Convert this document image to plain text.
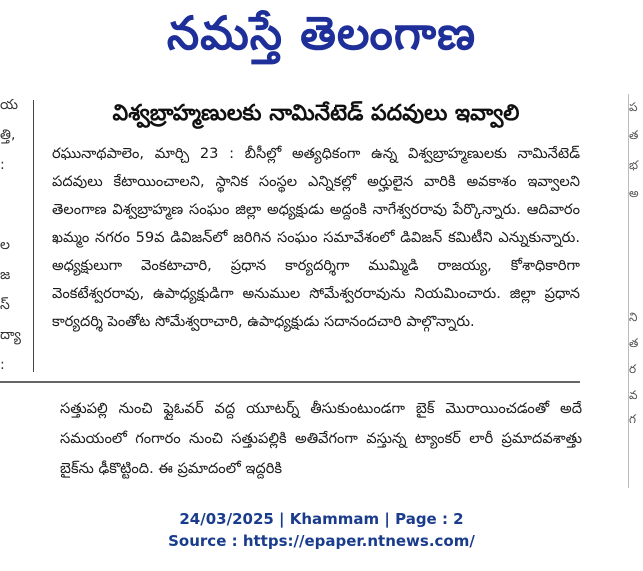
నమస్తే తెలంగాణ
య
త్తి,
:
ల
జ
స్
ద్యా
:
విశ్వబ్రాహ్మణులకు నామినేటెడ్ పదవులు ఇవ్వాలి

రఘునాథపాలెం, మార్చి 23 : బీసీల్లో అత్యధికంగా ఉన్న విశ్వబ్రాహ్మణులకు నామినేటెడ్ పదవులు కేటాయించాలని, స్థానిక సంస్థల ఎన్నికల్లో అర్హులైన వారికి అవకాశం ఇవ్వాలని తెలంగాణ విశ్వబ్రాహ్మణ సంఘం జిల్లా అధ్యక్షుడు అద్దంకి నాగేశ్వరరావు పేర్కొన్నారు. ఆదివారం ఖమ్మం నగరం 59వ డివిజన్‌లో జరిగిన సంఘం సమావేశంలో డివిజన్ కమిటీని ఎన్నుకున్నారు. అధ్యక్షులుగా వెంకటాచారి, ప్రధాన కార్యదర్శిగా ముమ్మిడి రాజయ్య, కోశాధికారిగా వెంకటేశ్వరరావు, ఉపాధ్యక్షుడిగా అనుముల సోమేశ్వరరావును నియమించారు. జిల్లా ప్రధాన కార్యదర్శి పెంతోట సోమేశ్వరాచారి, ఉపాధ్యక్షుడు సదానందచారి పాల్గొన్నారు.

సత్తుపల్లి నుంచి ఫ్లైఓవర్ వద్ద యూటర్న్ తీసుకుంటుండగా బైక్ మొరాయించడంతో అదే సమయంలో గంగారం నుంచి సత్తుపల్లికి అతివేగంగా వస్తున్న ట్యాంకర్ లారీ ప్రమాదవశాత్తు బైక్‌ను ఢీకొట్టింది. ఈ ప్రమాదంలో ఇద్దరికి

ప
త
భ
అ
ని
త
ర
వ
గ
24/03/2025 | Khammam | Page : 2
Source : https://epaper.ntnews.com/
